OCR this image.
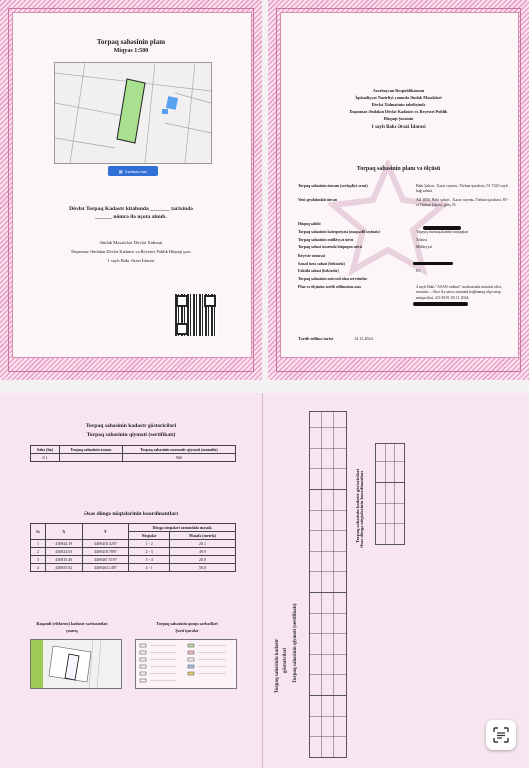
Torpaq sahəsinin planı
Miqyas 1:500
▦ Xəritədə bax
Dövlət Torpaq Kadastr kitabında _______ tarixində
______ nömrə ilə uçota alınıb.
Əmlak Məsələləri Dövlət Xidməti
Daşınmaz Əmlakın Dövlət Kadastrı və Reyestri Publik Hüquqi şəxs
1 saylı Bakı Ərazi İdarəsi
Azərbaycan Respublikasının
İqtisadiyyat Nazirliyi yanında Əmlak Məsələləri
Dövlət Xidmətinin tabeliyində
Daşınmaz Əmlakın Dövlət Kadastrı və Reyestri Publik
Hüquqi Şəxsinin
1 saylı Bakı Ərazi İdarəsi
Torpaq sahəsinin planı və ölçüsü
Torpaq sahəsinin ünvanı (yerləşdiyi ərazi)	Bakı Şəhəri, Xəzər rayonu, Türkan qəsəbəsi, 91-7225 saylı bağ sahəsi
Yeni qeydalınlalı ünvan	AZ 1056, Bakı şəhəri , Xəzər rayonu, Türkan qəsəbəsi, 85-ci Türkan küçəsi, giriş 53
Hüquq sahibi
Torpaq sahəsinin kateqoriyası (məqsədli təyinatı)	Yaşayış məntəqələrinin torpaqları
Torpaq sahəsinin mülkiyyət növü	Xüsusi
Torpaq sahəsi üzərində hüququn növü	Mülkiyyət
Reyestr nömrəsi
Sənəd üzrə sahəsi (hektarla)
Faktiki sahəsi (hektarla)	0.1
Torpaq sahəsinin mövcud olan servitutlar
Plan və ölçünün tərtib edilməsinə əsas	4 saylı Bakı "ASAN xidmət" mərkəzində notariat ofisi, notarius ...Alıcı ilə satıcı arasında bağlanmış alqı-satqı müqaviləsi, 4/3-3019, 05.11.2024;
Tərtib edilmə tarixi	14.11.2024
Torpaq sahəsinin kadastr göstəriciləri
Torpaq sahəsinin qiyməti (sertifikatı)
Sahə (ha)	Torpaq sahəsinin zonası	Torpaq sahəsinin normativ qiyməti (manatla)
0.1		960
Əsas döngə nöqtələrinin koordinantları
№	X	Y	Döngə nöqtələri arasındakı məsafə	
			Nöqtələr	Məsafə (metrlə)
1	430844.19	4469418.5297	1 - 2	20.1
2	430824.63	4469418.7897	2 - 3	49.9
3	430835.46	4469467.5197	3 - 4	20.0
4	430855.02	4469463.1497	4 - 1	50.0
Rəqəmli (elektron) kadastr xəritəsindən
çıxarış
Torpaq sahəsinin qonşu sərhədləri
Şərti işarələr
Torpaq sahəsinin kadastr göstəriciləri Torpaq sahəsinin qiyməti (sertifikatı)
Torpaq sahəsinin kadastr göstəriciləri Əsas döngə nöqtələrinin koordinantları
